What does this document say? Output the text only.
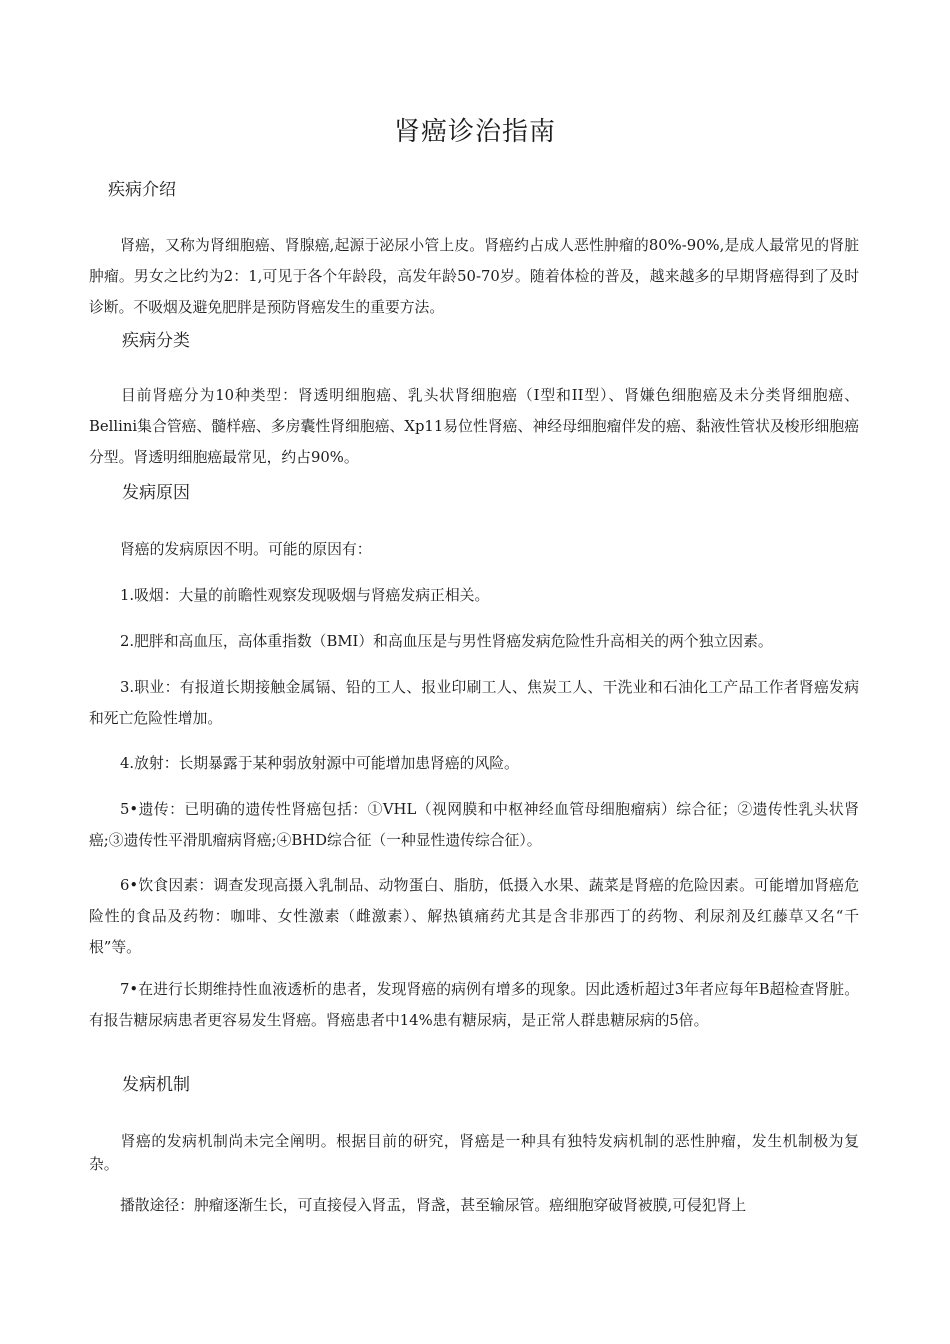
肾癌诊治指南
疾病介绍
肾癌，又称为肾细胞癌、肾腺癌,起源于泌尿小管上皮。肾癌约占成人恶性肿瘤的80%-90%,是成人最常见的肾脏肿瘤。男女之比约为2：1,可见于各个年龄段，高发年龄50-70岁。随着体检的普及，越来越多的早期肾癌得到了及时诊断。不吸烟及避免肥胖是预防肾癌发生的重要方法。
疾病分类
目前肾癌分为10种类型：肾透明细胞癌、乳头状肾细胞癌（I型和II型）、肾嫌色细胞癌及未分类肾细胞癌、Bellini集合管癌、髓样癌、多房囊性肾细胞癌、Xp11易位性肾癌、神经母细胞瘤伴发的癌、黏液性管状及梭形细胞癌分型。肾透明细胞癌最常见，约占90%。
发病原因
肾癌的发病原因不明。可能的原因有：
1.吸烟：大量的前瞻性观察发现吸烟与肾癌发病正相关。
2.肥胖和高血压，高体重指数（BMI）和高血压是与男性肾癌发病危险性升高相关的两个独立因素。
3.职业：有报道长期接触金属镉、铅的工人、报业印刷工人、焦炭工人、干洗业和石油化工产品工作者肾癌发病和死亡危险性增加。
4.放射：长期暴露于某种弱放射源中可能增加患肾癌的风险。
5•遗传：已明确的遗传性肾癌包括：①VHL（视网膜和中枢神经血管母细胞瘤病）综合征；②遗传性乳头状肾癌;③遗传性平滑肌瘤病肾癌;④BHD综合征（一种显性遗传综合征）。
6•饮食因素：调查发现高摄入乳制品、动物蛋白、脂肪，低摄入水果、蔬菜是肾癌的危险因素。可能增加肾癌危险性的食品及药物：咖啡、女性激素（雌激素）、解热镇痛药尤其是含非那西丁的药物、利尿剂及红藤草又名“千根”等。
7•在进行长期维持性血液透析的患者，发现肾癌的病例有增多的现象。因此透析超过3年者应每年B超检查肾脏。有报告糖尿病患者更容易发生肾癌。肾癌患者中14%患有糖尿病，是正常人群患糖尿病的5倍。
发病机制
肾癌的发病机制尚未完全阐明。根据目前的研究，肾癌是一种具有独特发病机制的恶性肿瘤，发生机制极为复杂。
播散途径：肿瘤逐渐生长，可直接侵入肾盂，肾盏，甚至输尿管。癌细胞穿破肾被膜,可侵犯肾上
